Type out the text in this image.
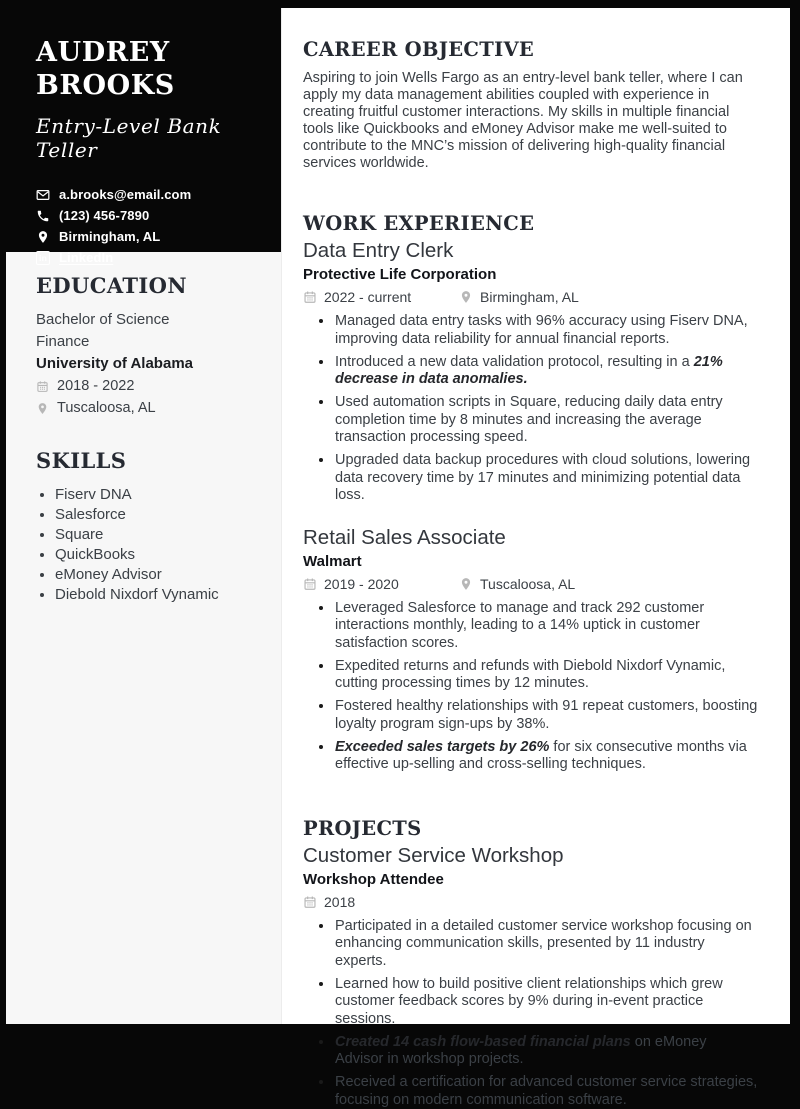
AUDREY
BROOKS
Entry-Level Bank Teller
a.brooks@email.com
(123) 456-7890
Birmingham, AL
in LinkedIn
EDUCATION
Bachelor of Science
Finance
University of Alabama
2018 - 2022
Tuscaloosa, AL
SKILLS
• Fiserv DNA
• Salesforce
• Square
• QuickBooks
• eMoney Advisor
• Diebold Nixdorf Vynamic
CAREER OBJECTIVE

Aspiring to join Wells Fargo as an entry-level bank teller, where I can apply my data management abilities coupled with experience in creating fruitful customer interactions. My skills in multiple financial tools like Quickbooks and eMoney Advisor make me well-suited to contribute to the MNC’s mission of delivering high-quality financial services worldwide.

WORK EXPERIENCE
Data Entry Clerk
Protective Life Corporation
2022 - current	Birmingham, AL
• Managed data entry tasks with 96% accuracy using Fiserv DNA, improving data reliability for annual financial reports.
• Introduced a new data validation protocol, resulting in a 21% decrease in data anomalies.
• Used automation scripts in Square, reducing daily data entry completion time by 8 minutes and increasing the average transaction processing speed.
• Upgraded data backup procedures with cloud solutions, lowering data recovery time by 17 minutes and minimizing potential data loss.
Retail Sales Associate
Walmart
2019 - 2020	Tuscaloosa, AL
• Leveraged Salesforce to manage and track 292 customer interactions monthly, leading to a 14% uptick in customer satisfaction scores.
• Expedited returns and refunds with Diebold Nixdorf Vynamic, cutting processing times by 12 minutes.
• Fostered healthy relationships with 91 repeat customers, boosting loyalty program sign-ups by 38%.
• Exceeded sales targets by 26% for six consecutive months via effective up-selling and cross-selling techniques.
PROJECTS
Customer Service Workshop
Workshop Attendee
2018
• Participated in a detailed customer service workshop focusing on enhancing communication skills, presented by 11 industry experts.
• Learned how to build positive client relationships which grew customer feedback scores by 9% during in-event practice sessions.
• Created 14 cash flow-based financial plans on eMoney Advisor in workshop projects.
• Received a certification for advanced customer service strategies, focusing on modern communication software.
